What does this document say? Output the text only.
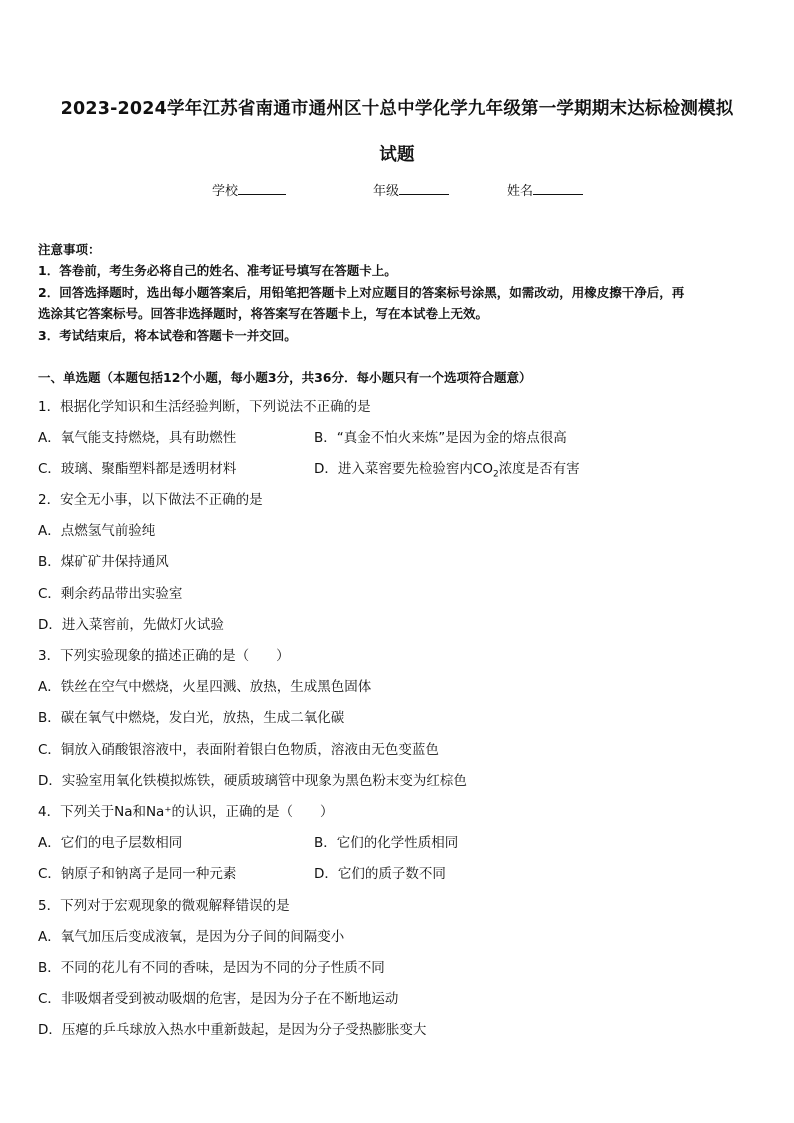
2023-2024学年江苏省南通市通州区十总中学化学九年级第一学期期末达标检测模拟
试题
学校	年级	姓名
注意事项：
1．答卷前，考生务必将自己的姓名、准考证号填写在答题卡上。
2．回答选择题时，选出每小题答案后，用铅笔把答题卡上对应题目的答案标号涂黑，如需改动，用橡皮擦干净后，再
选涂其它答案标号。回答非选择题时，将答案写在答题卡上，写在本试卷上无效。
3．考试结束后，将本试卷和答题卡一并交回。
一、单选题（本题包括12个小题，每小题3分，共36分．每小题只有一个选项符合题意）
1．根据化学知识和生活经验判断，下列说法不正确的是
A．氧气能支持燃烧，具有助燃性	B．“真金不怕火来炼”是因为金的熔点很高
C．玻璃、聚酯塑料都是透明材料	D．进入菜窖要先检验窖内$CO_2$浓度是否有害
2．安全无小事，以下做法不正确的是
A．点燃氢气前验纯
B．煤矿矿井保持通风
C．剩余药品带出实验室
D．进入菜窖前，先做灯火试验
3．下列实验现象的描述正确的是（　　）
A．铁丝在空气中燃烧，火星四溅、放热，生成黑色固体
B．碳在氧气中燃烧，发白光，放热，生成二氧化碳
C．铜放入硝酸银溶液中，表面附着银白色物质，溶液由无色变蓝色
D．实验室用氧化铁模拟炼铁，硬质玻璃管中现象为黑色粉末变为红棕色
4．下列关于Na和Na⁺的认识，正确的是（　　）
A．它们的电子层数相同	B．它们的化学性质相同
C．钠原子和钠离子是同一种元素	D．它们的质子数不同
5．下列对于宏观现象的微观解释错误的是
A．氧气加压后变成液氧，是因为分子间的间隔变小
B．不同的花儿有不同的香味，是因为不同的分子性质不同
C．非吸烟者受到被动吸烟的危害，是因为分子在不断地运动
D．压瘪的乒乓球放入热水中重新鼓起，是因为分子受热膨胀变大
